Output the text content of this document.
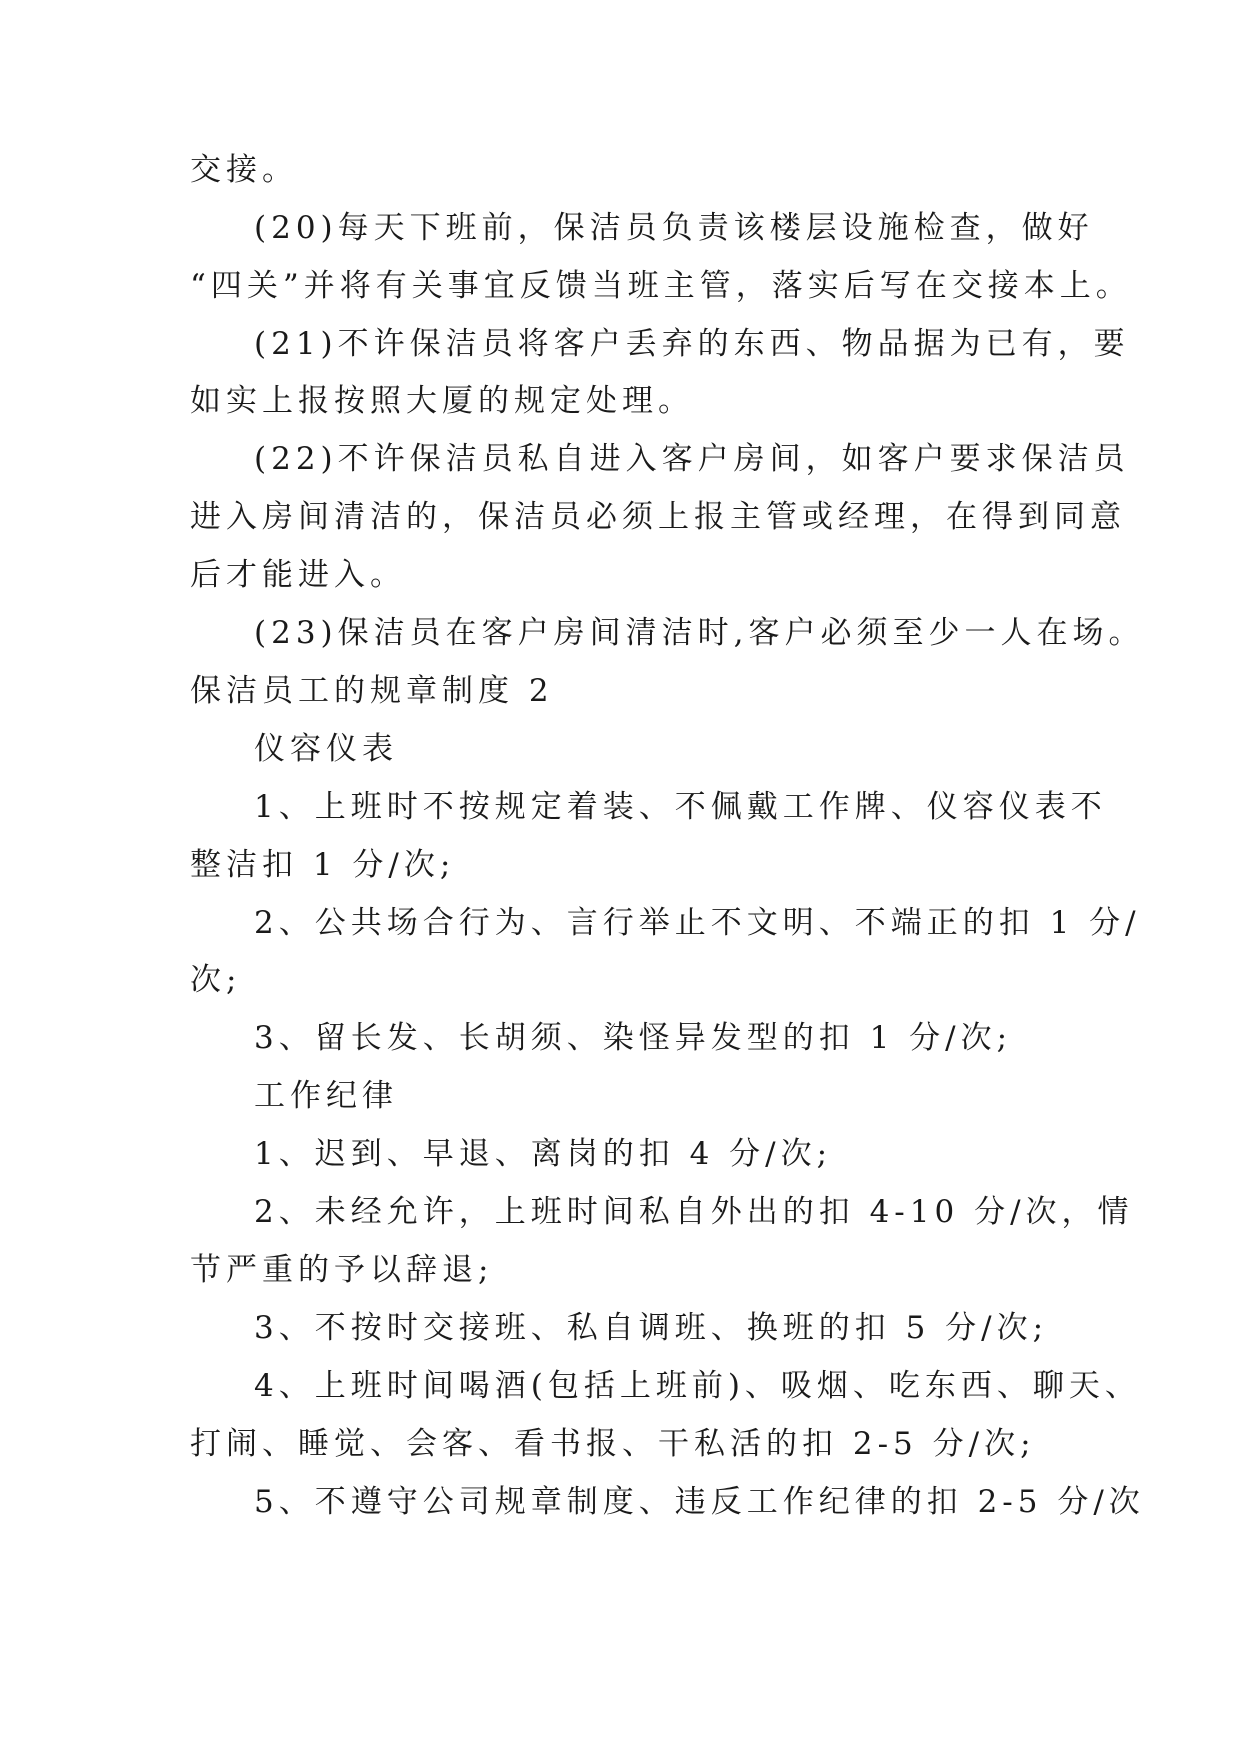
交接。
(20)每天下班前，保洁员负责该楼层设施检查，做好
“四关”并将有关事宜反馈当班主管，落实后写在交接本上。
(21)不许保洁员将客户丢弃的东西、物品据为已有，要
如实上报按照大厦的规定处理。
(22)不许保洁员私自进入客户房间，如客户要求保洁员
进入房间清洁的，保洁员必须上报主管或经理，在得到同意
后才能进入。
(23)保洁员在客户房间清洁时,客户必须至少一人在场。
保洁员工的规章制度 2
仪容仪表
1、上班时不按规定着装、不佩戴工作牌、仪容仪表不
整洁扣 1 分/次;
2、公共场合行为、言行举止不文明、不端正的扣 1 分/
次;
3、留长发、长胡须、染怪异发型的扣 1 分/次;
工作纪律
1、迟到、早退、离岗的扣 4 分/次;
2、未经允许，上班时间私自外出的扣 4-10 分/次，情
节严重的予以辞退;
3、不按时交接班、私自调班、换班的扣 5 分/次;
4、上班时间喝酒(包括上班前)、吸烟、吃东西、聊天、
打闹、睡觉、会客、看书报、干私活的扣 2-5 分/次;
5、不遵守公司规章制度、违反工作纪律的扣 2-5 分/次
